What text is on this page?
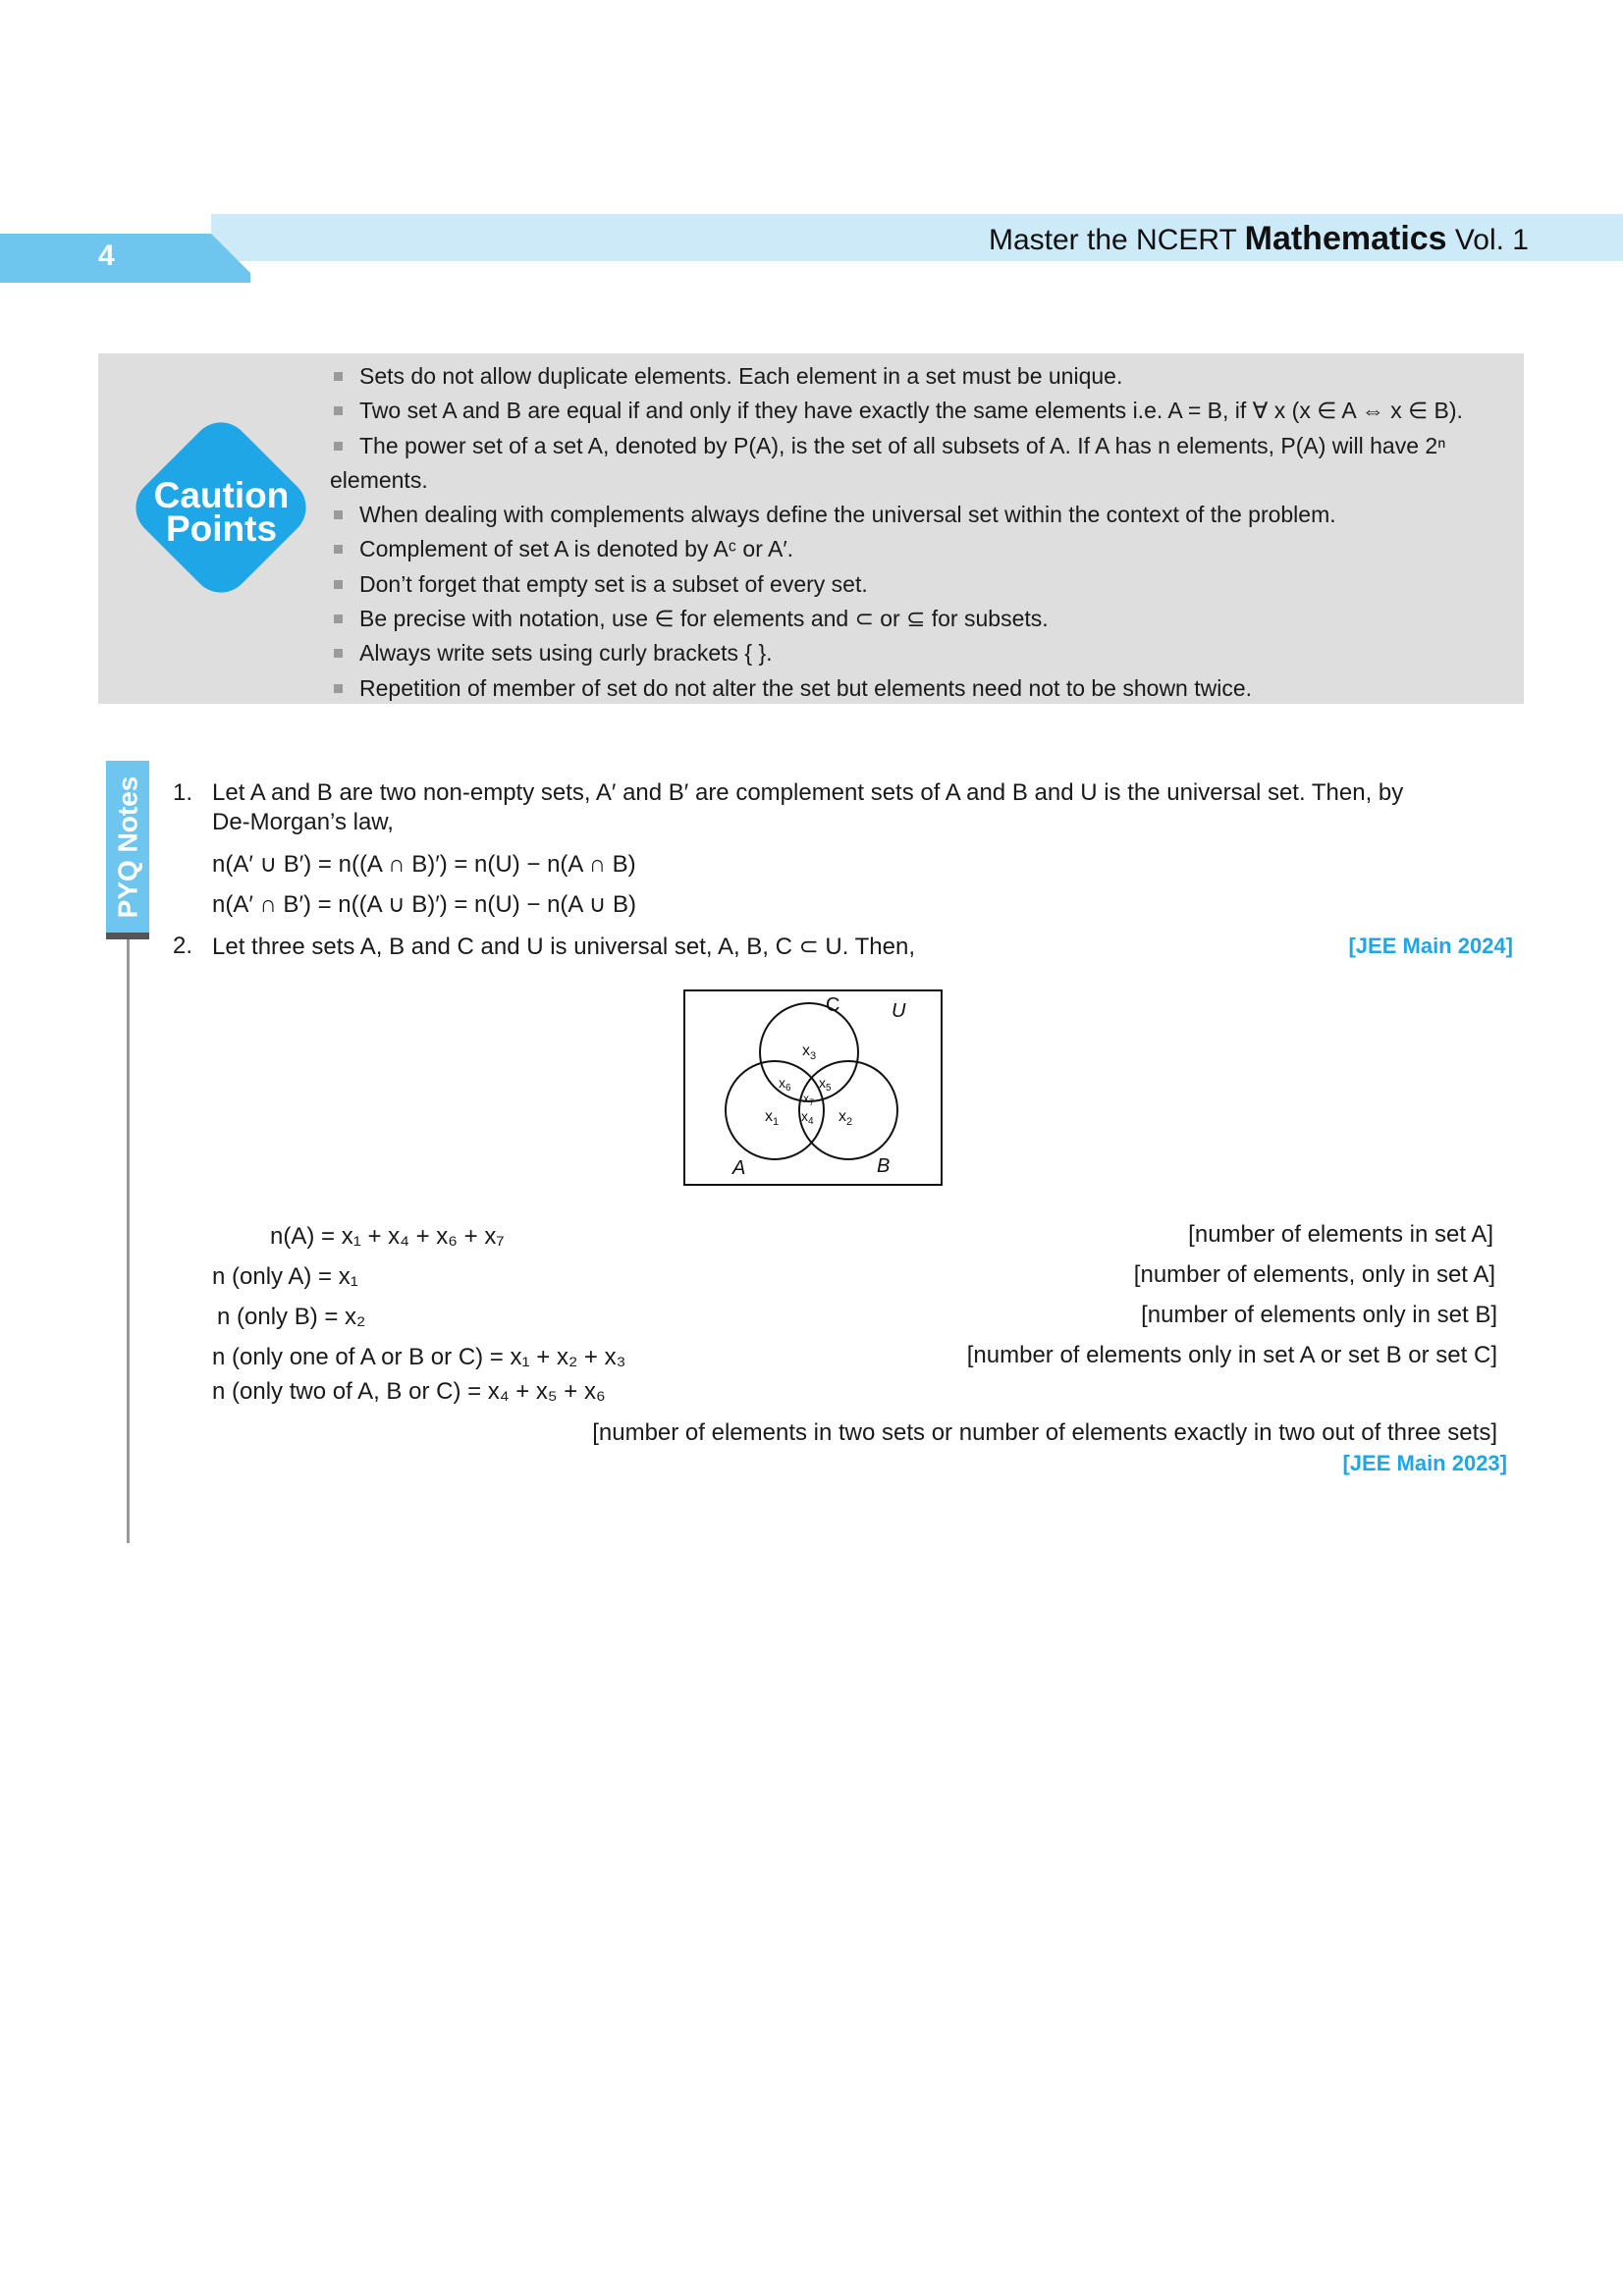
4	Master the NCERT Mathematics Vol. 1
Caution
Points
Sets do not allow duplicate elements. Each element in a set must be unique.
Two set A and B are equal if and only if they have exactly the same elements i.e. A = B, if ∀ x (x ∈ A ⇔ x ∈ B).
The power set of a set A, denoted by P(A), is the set of all subsets of A. If A has n elements, P(A) will have 2ⁿ elements.
When dealing with complements always define the universal set within the context of the problem.
Complement of set A is denoted by Aᶜ or A′.
Don’t forget that empty set is a subset of every set.
Be precise with notation, use ∈ for elements and ⊂ or ⊆ for subsets.
Always write sets using curly brackets { }.
Repetition of member of set do not alter the set but elements need not to be shown twice.
PYQ Notes 1. Let A and B are two non-empty sets, A′ and B′ are complement sets of A and B and U is the universal set. Then, by
De-Morgan’s law,
n(A′ ∪ B′) = n((A ∩ B)′) = n(U) − n(A ∩ B)
n(A′ ∩ B′) = n((A ∪ B)′) = n(U) − n(A ∪ B)
2. Let three sets A, B and C and U is universal set, A, B, C ⊂ U. Then,	[JEE Main 2024]
C	U
A	B
$x_3$
$x_6$ $x_5$
$x_7$
$x_4$
$x_1$	$x_2$
n(A) = x₁ + x₄ + x₆ + x₇	[number of elements in set A]
n (only A) = x₁	[number of elements, only in set A]
n (only B) = x₂	[number of elements only in set B]
n (only one of A or B or C) = x₁ + x₂ + x₃	[number of elements only in set A or set B or set C]
n (only two of A, B or C) = x₄ + x₅ + x₆
[number of elements in two sets or number of elements exactly in two out of three sets]
[JEE Main 2023]
